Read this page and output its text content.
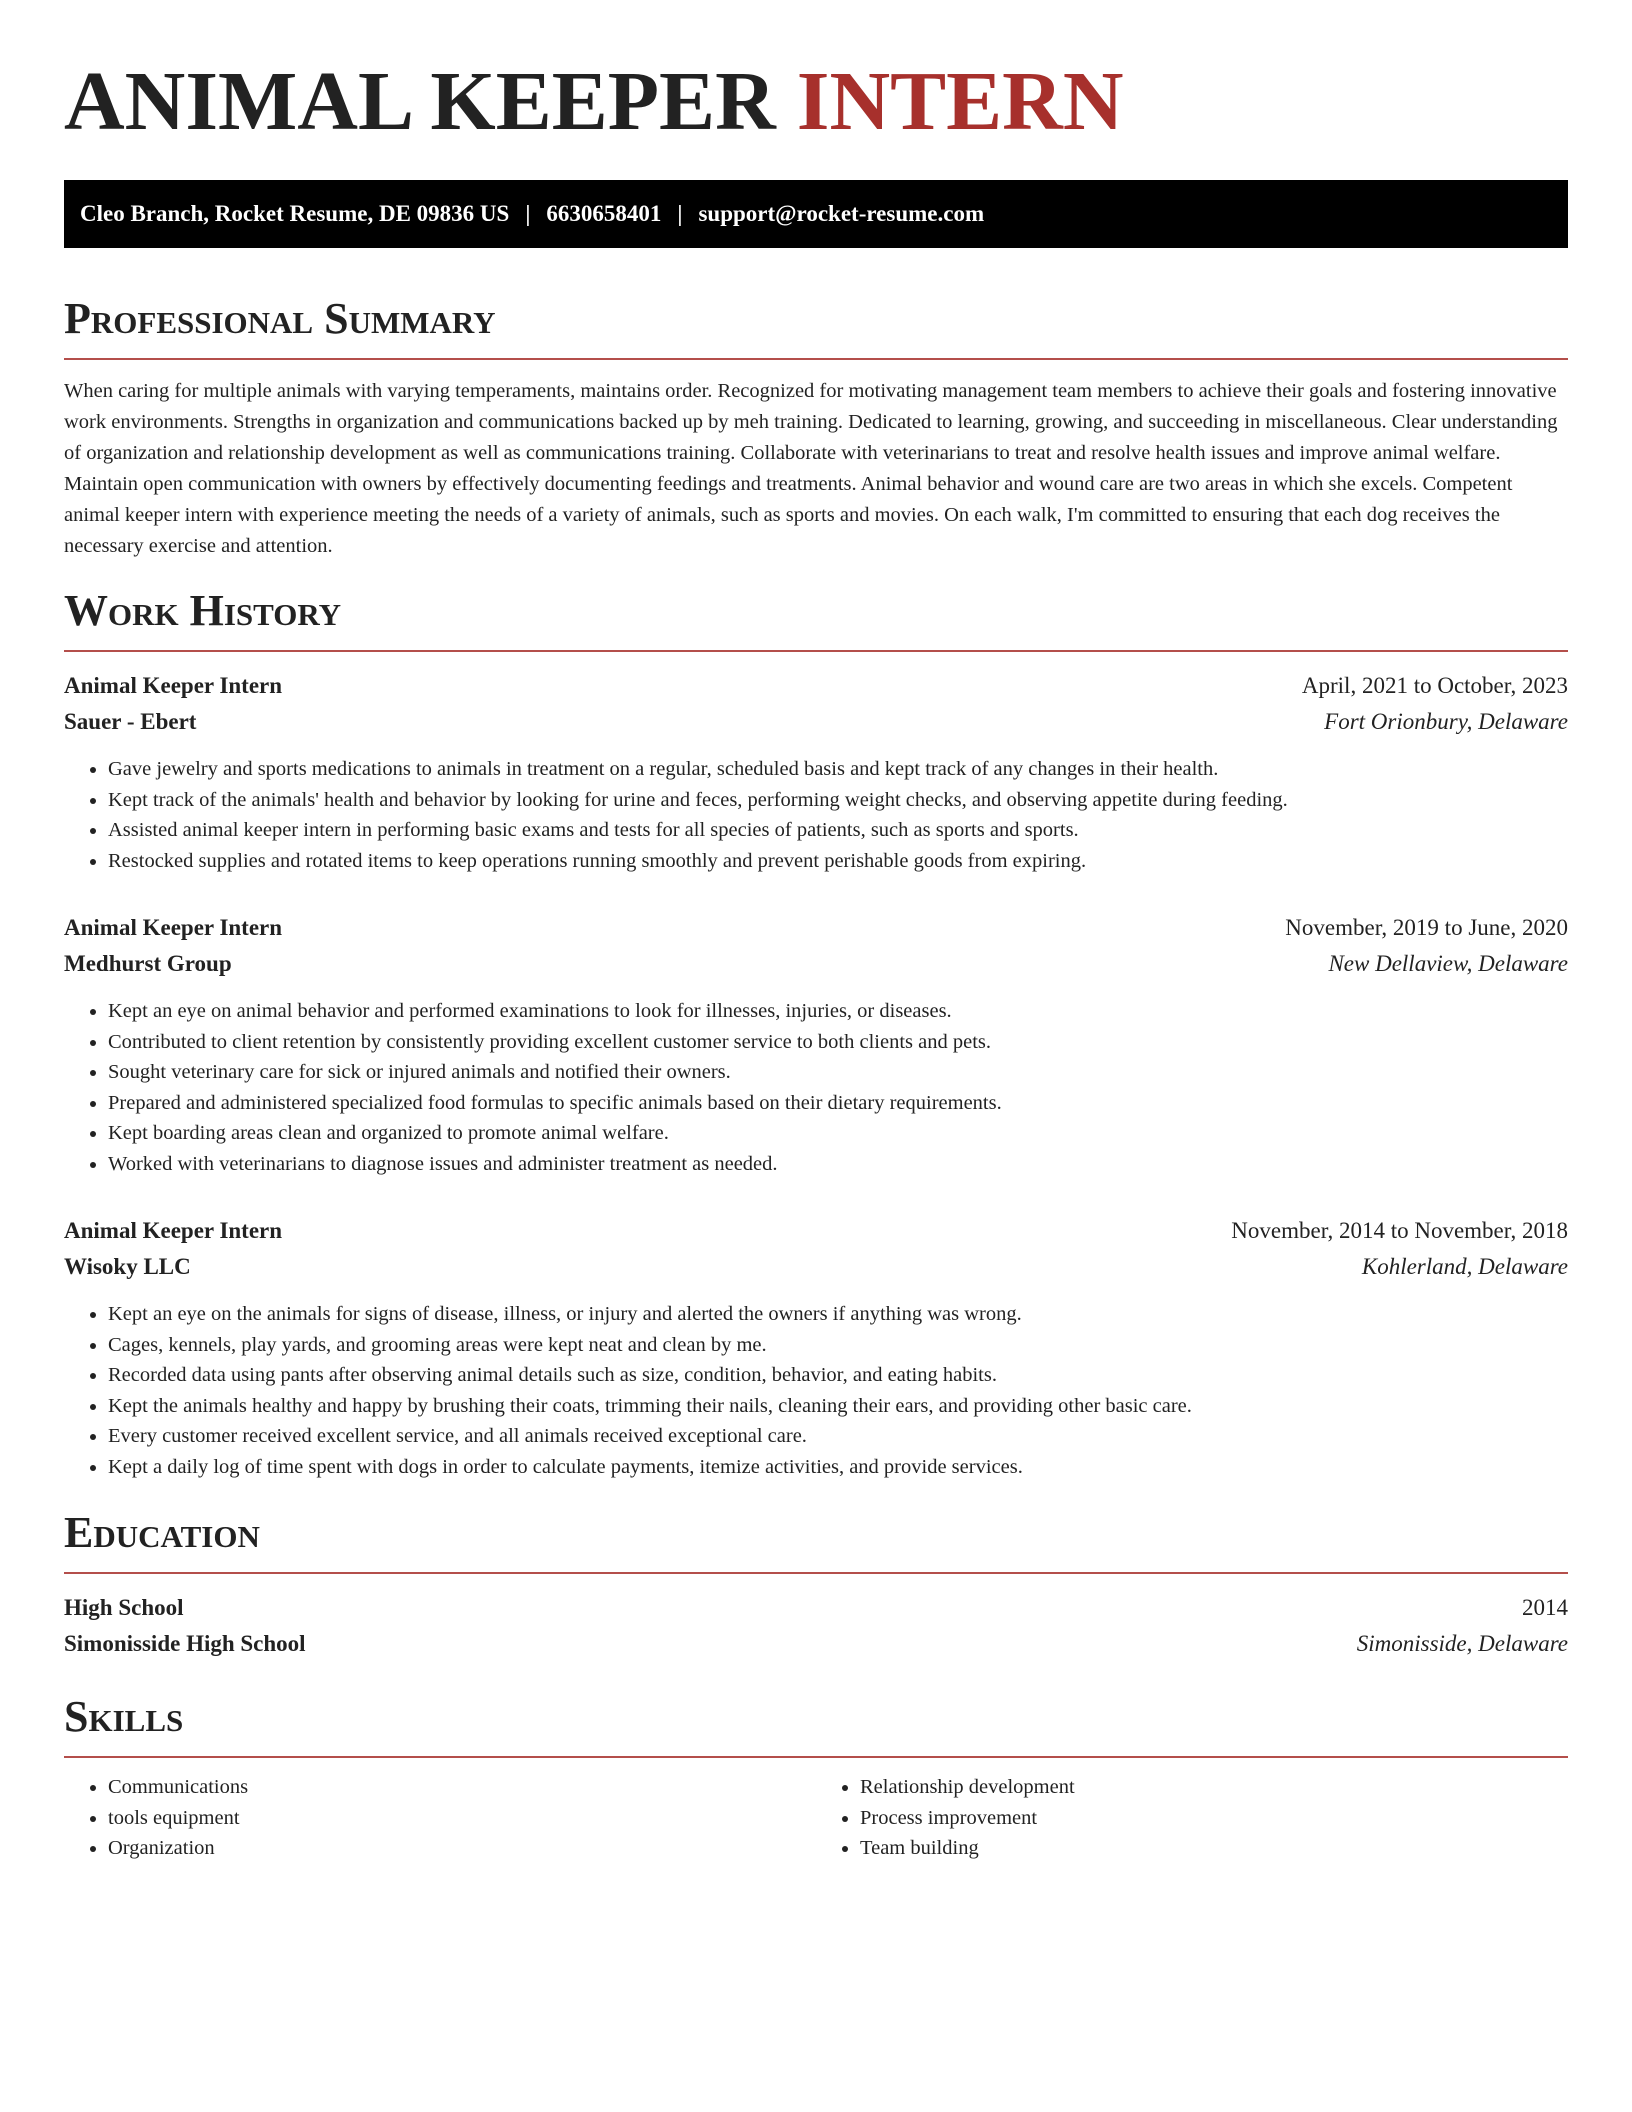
ANIMAL KEEPER INTERN
Cleo Branch, Rocket Resume, DE 09836 US | 6630658401 | support@rocket-resume.com
Professional Summary

When caring for multiple animals with varying temperaments, maintains order. Recognized for motivating management team members to achieve their goals and fostering innovative work environments. Strengths in organization and communications backed up by meh training. Dedicated to learning, growing, and succeeding in miscellaneous. Clear understanding of organization and relationship development as well as communications training. Collaborate with veterinarians to treat and resolve health issues and improve animal welfare. Maintain open communication with owners by effectively documenting feedings and treatments. Animal behavior and wound care are two areas in which she excels. Competent animal keeper intern with experience meeting the needs of a variety of animals, such as sports and movies. On each walk, I'm committed to ensuring that each dog receives the necessary exercise and attention.

Work History
Animal Keeper Intern	April, 2021 to October, 2023
Sauer - Ebert	Fort Orionbury, Delaware
• Gave jewelry and sports medications to animals in treatment on a regular, scheduled basis and kept track of any changes in their health.
• Kept track of the animals' health and behavior by looking for urine and feces, performing weight checks, and observing appetite during feeding.
• Assisted animal keeper intern in performing basic exams and tests for all species of patients, such as sports and sports.
• Restocked supplies and rotated items to keep operations running smoothly and prevent perishable goods from expiring.
Animal Keeper Intern	November, 2019 to June, 2020
Medhurst Group	New Dellaview, Delaware
• Kept an eye on animal behavior and performed examinations to look for illnesses, injuries, or diseases.
• Contributed to client retention by consistently providing excellent customer service to both clients and pets.
• Sought veterinary care for sick or injured animals and notified their owners.
• Prepared and administered specialized food formulas to specific animals based on their dietary requirements.
• Kept boarding areas clean and organized to promote animal welfare.
• Worked with veterinarians to diagnose issues and administer treatment as needed.
Animal Keeper Intern	November, 2014 to November, 2018
Wisoky LLC	Kohlerland, Delaware
• Kept an eye on the animals for signs of disease, illness, or injury and alerted the owners if anything was wrong.
• Cages, kennels, play yards, and grooming areas were kept neat and clean by me.
• Recorded data using pants after observing animal details such as size, condition, behavior, and eating habits.
• Kept the animals healthy and happy by brushing their coats, trimming their nails, cleaning their ears, and providing other basic care.
• Every customer received excellent service, and all animals received exceptional care.
• Kept a daily log of time spent with dogs in order to calculate payments, itemize activities, and provide services.
Education
High School	2014
Simonisside High School	Simonisside, Delaware
Skills
• Communications
• tools equipment
• Organization
• Relationship development
• Process improvement
• Team building
